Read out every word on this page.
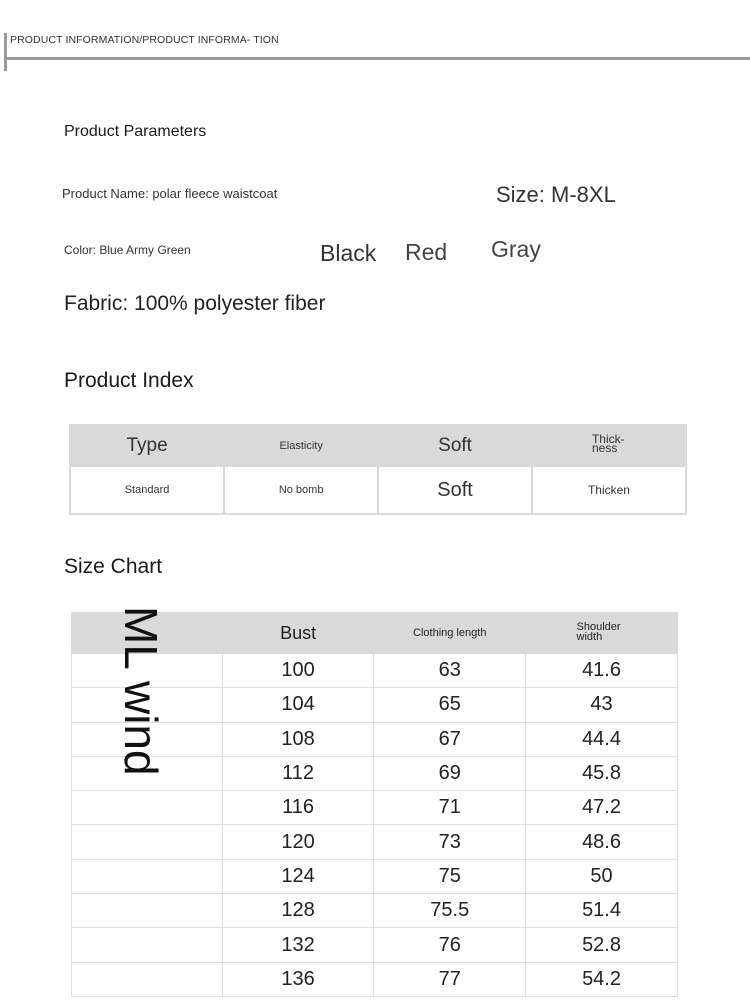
PRODUCT INFORMATION/PRODUCT INFORMA- TION
Product Parameters
Product Name: polar fleece waistcoat	Size: M-8XL
Color: Blue Army Green	Black Red Gray
Fabric: 100% polyester fiber
Product Index
Type	Elasticity	Soft	Thick- ness
Standard	No bomb	Soft	Thicken
Size Chart
	Bust	Clothing length	Shoulder width
	100	63	41.6
	104	65	43
	108	67	44.4
	112	69	45.8
	116	71	47.2
	120	73	48.6
	124	75	50
	128	75.5	51.4
	132	76	52.8
	136	77	54.2
ML wind
